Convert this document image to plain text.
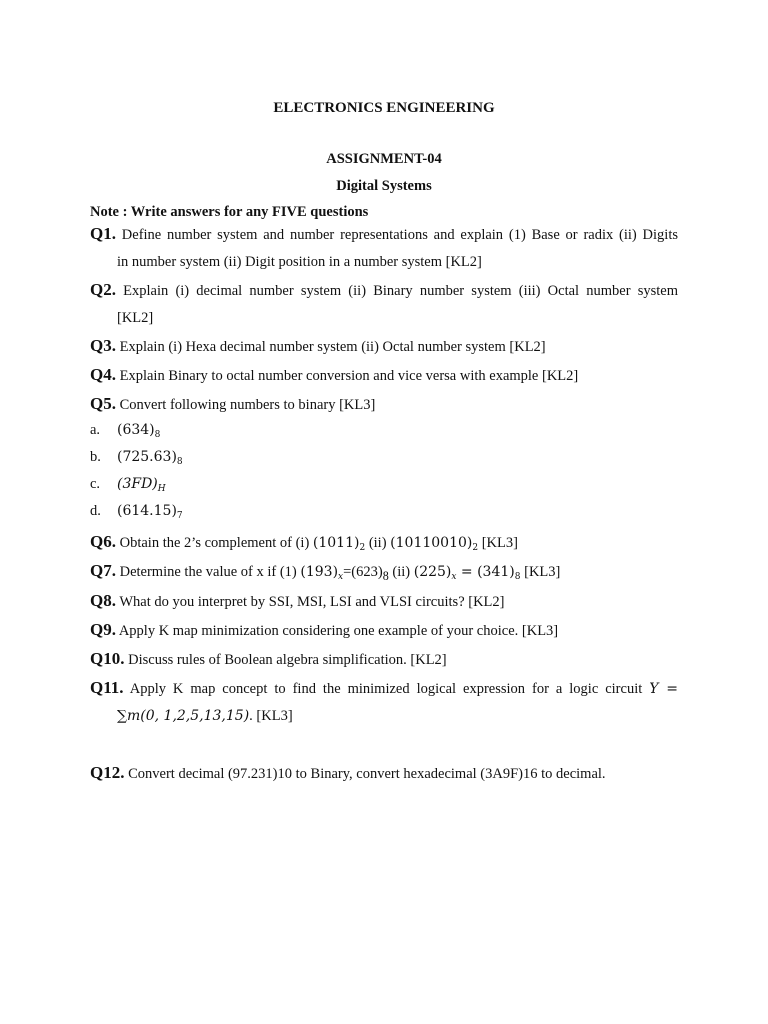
ELECTRONICS ENGINEERING
ASSIGNMENT-04
Digital Systems
Note : Write answers for any FIVE questions
Q1. Define number system and number representations and explain (1) Base or radix (ii) Digits
in number system (ii) Digit position in a number system [KL2]
Q2. Explain (i) decimal number system (ii) Binary number system (iii) Octal number system
[KL2]
Q3. Explain (i) Hexa decimal number system (ii) Octal number system [KL2]
Q4. Explain Binary to octal number conversion and vice versa with example [KL2]
Q5. Convert following numbers to binary [KL3]
a. $(634)_8$
b. $(725.63)_8$
c. $(3FD)_H$
d. $(614.15)_7$
Q6. Obtain the 2’s complement of (i) $(1011)_2$ (ii) $(10110010)_2$ [KL3]
Q7. Determine the value of x if (1) $(193)_x=(623)_8$ (ii) $(225)_x = (341)_8$ [KL3]
Q8. What do you interpret by SSI, MSI, LSI and VLSI circuits? [KL2]
Q9. Apply K map minimization considering one example of your choice. [KL3]
Q10. Discuss rules of Boolean algebra simplification. [KL2]
Q11. Apply K map concept to find the minimized logical expression for a logic circuit Y =
∑m(0, 1,2,5,13,15). [KL3]
Q12. Convert decimal (97.231)10 to Binary, convert hexadecimal (3A9F)16 to decimal.
